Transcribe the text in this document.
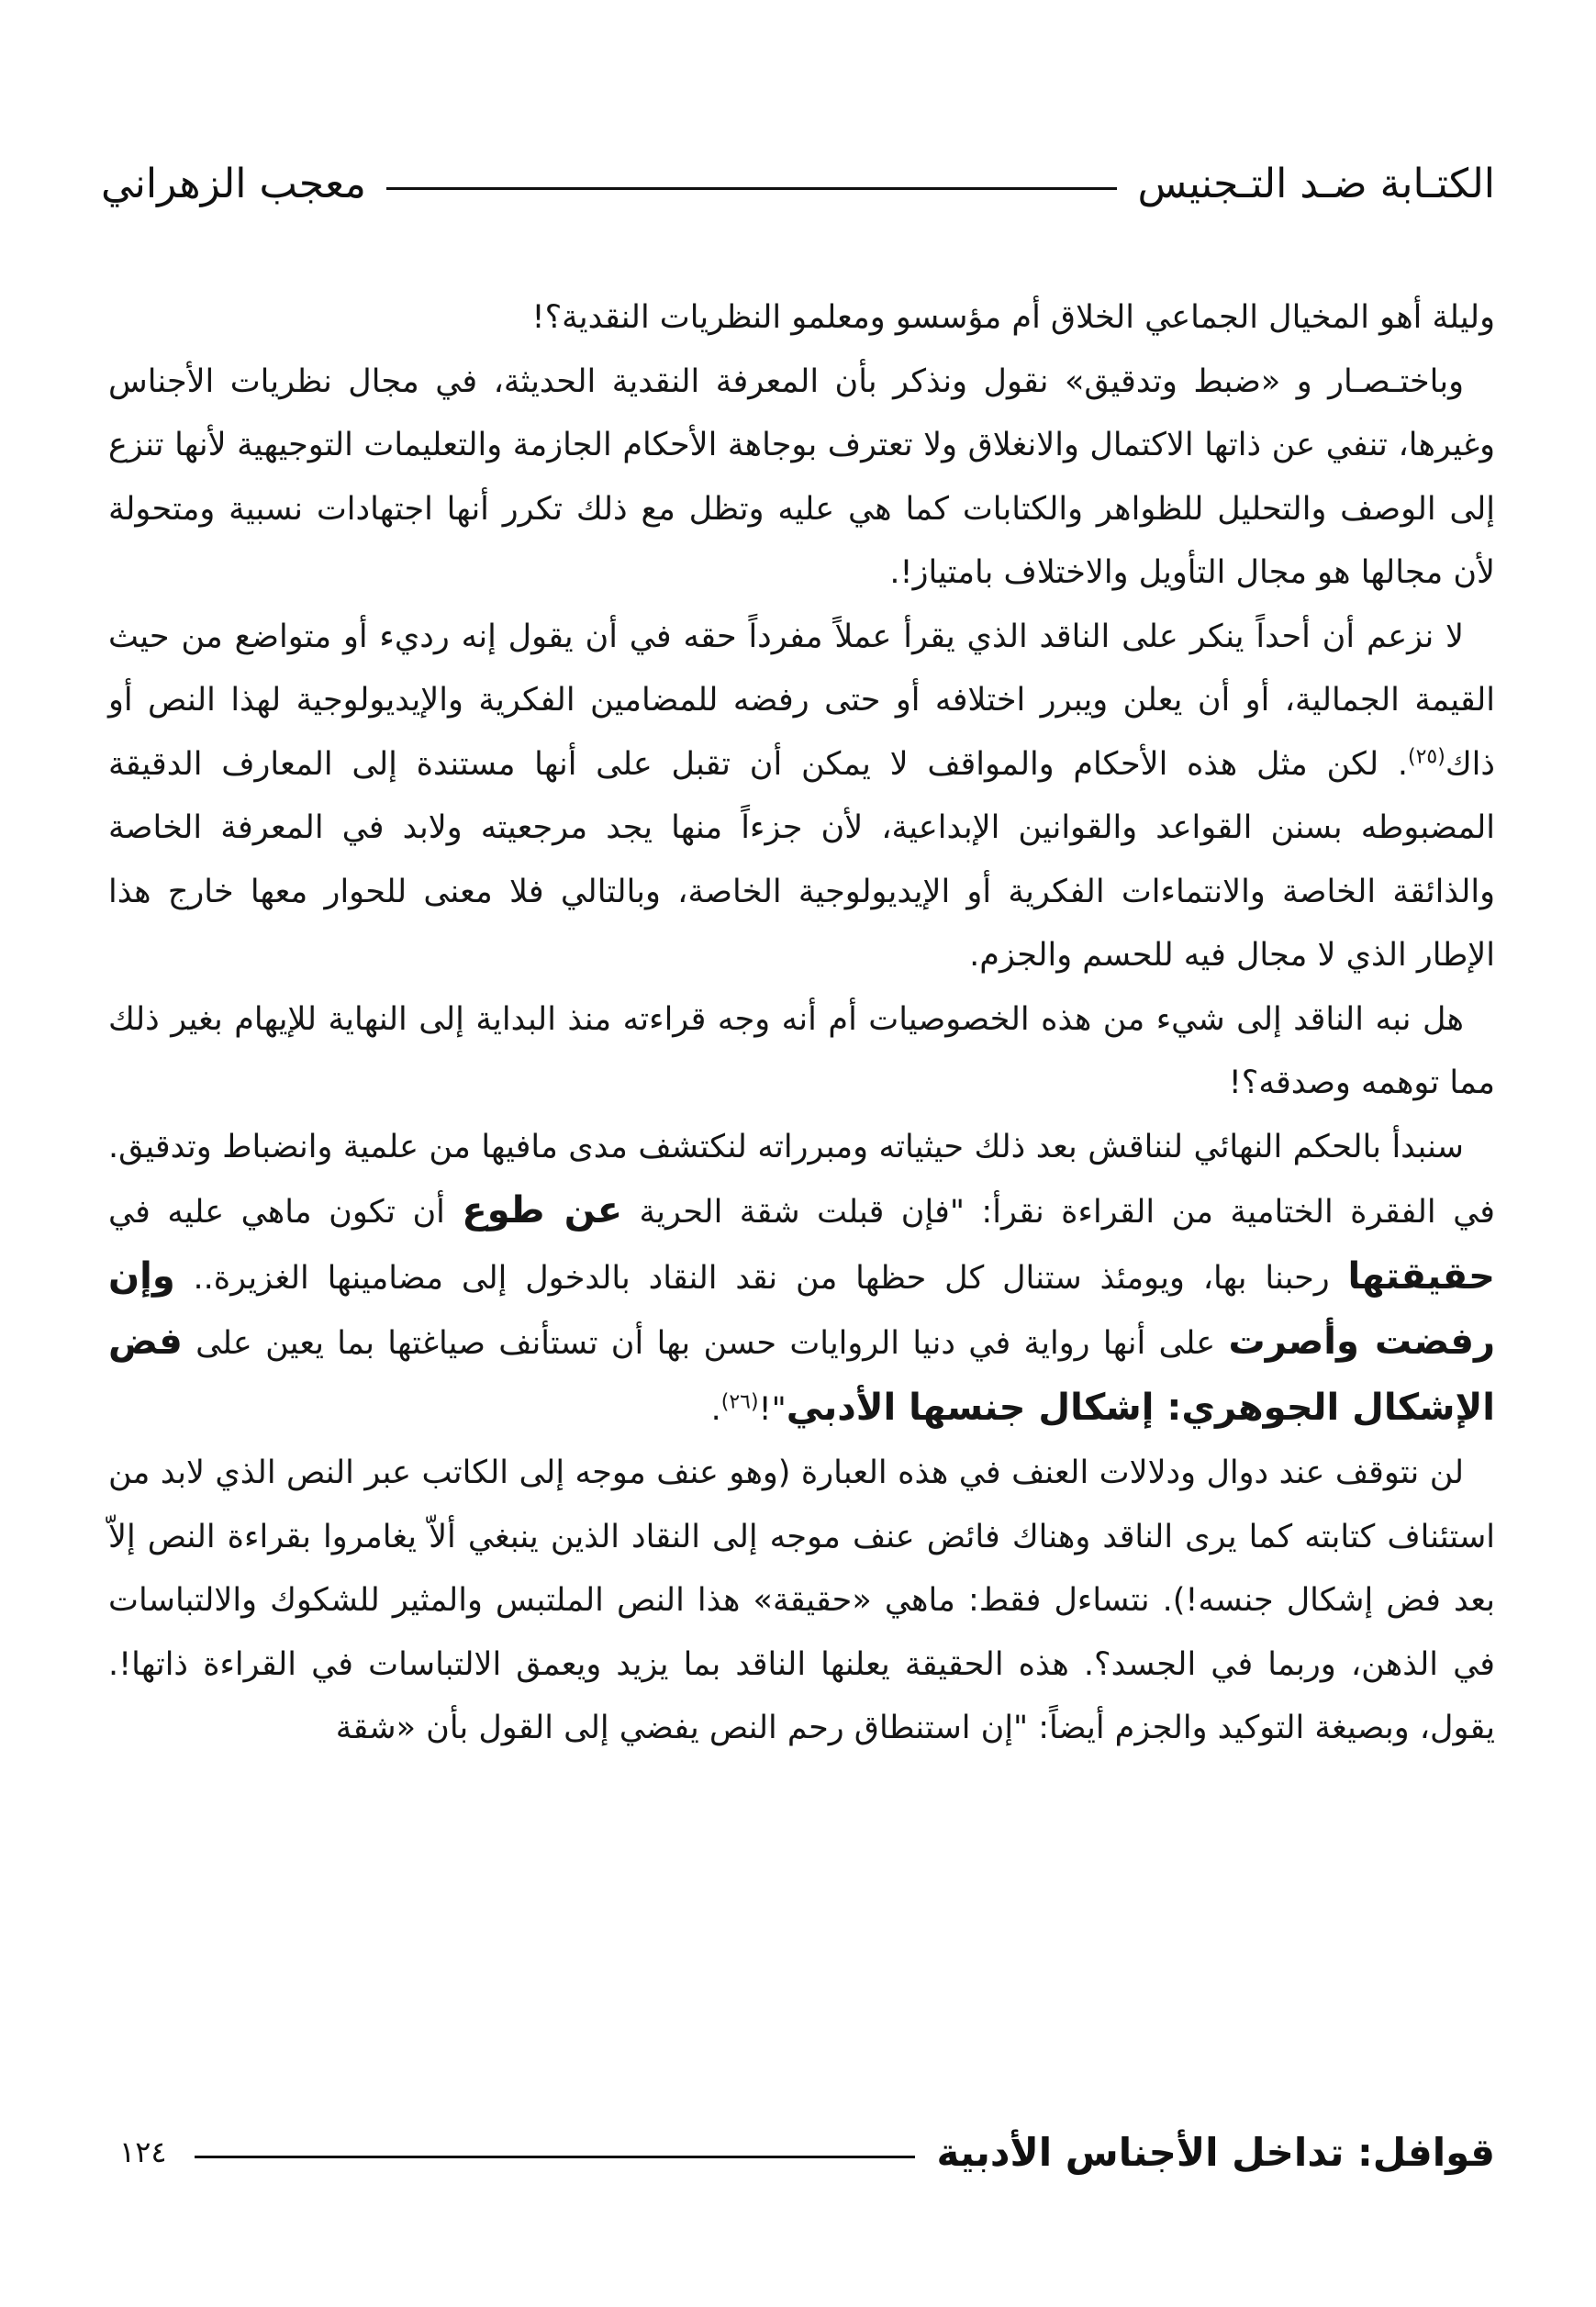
الكتـابة ضـد التـجنيس
معجب الزهراني

وليلة أهو المخيال الجماعي الخلاق أم مؤسسو ومعلمو النظريات النقدية؟!

وباختـصـار و «ضبط وتدقيق» نقول ونذكر بأن المعرفة النقدية الحديثة، في مجال نظريات الأجناس وغيرها، تنفي عن ذاتها الاكتمال والانغلاق ولا تعترف بوجاهة الأحكام الجازمة والتعليمات التوجيهية لأنها تنزع إلى الوصف والتحليل للظواهر والكتابات كما هي عليه وتظل مع ذلك تكرر أنها اجتهادات نسبية ومتحولة لأن مجالها هو مجال التأويل والاختلاف بامتياز!.

لا نزعم أن أحداً ينكر على الناقد الذي يقرأ عملاً مفرداً حقه في أن يقول إنه رديء أو متواضع من حيث القيمة الجمالية، أو أن يعلن ويبرر اختلافه أو حتى رفضه للمضامين الفكرية والإيديولوجية لهذا النص أو ذاك$^{(٢٥)}$. لكن مثل هذه الأحكام والمواقف لا يمكن أن تقبل على أنها مستندة إلى المعارف الدقيقة المضبوطه بسنن القواعد والقوانين الإبداعية، لأن جزءاً منها يجد مرجعيته ولابد في المعرفة الخاصة والذائقة الخاصة والانتماءات الفكرية أو الإيديولوجية الخاصة، وبالتالي فلا معنى للحوار معها خارج هذا الإطار الذي لا مجال فيه للحسم والجزم.

هل نبه الناقد إلى شيء من هذه الخصوصيات أم أنه وجه قراءته منذ البداية إلى النهاية للإيهام بغير ذلك مما توهمه وصدقه؟!

سنبدأ بالحكم النهائي لنناقش بعد ذلك حيثياته ومبرراته لنكتشف مدى مافيها من علمية وانضباط وتدقيق. في الفقرة الختامية من القراءة نقرأ: "فإن قبلت شقة الحرية عن طوع أن تكون ماهي عليه في حقيقتها رحبنا بها، ويومئذ ستنال كل حظها من نقد النقاد بالدخول إلى مضامينها الغزيرة.. وإن رفضت وأصرت على أنها رواية في دنيا الروايات حسن بها أن تستأنف صياغتها بما يعين على فض الإشكال الجوهري: إشكال جنسها الأدبي"!$^{(٢٦)}$.

لن نتوقف عند دوال ودلالات العنف في هذه العبارة (وهو عنف موجه إلى الكاتب عبر النص الذي لابد من استئناف كتابته كما يرى الناقد وهناك فائض عنف موجه إلى النقاد الذين ينبغي ألاّ يغامروا بقراءة النص إلاّ بعد فض إشكال جنسه!). نتساءل فقط: ماهي «حقيقة» هذا النص الملتبس والمثير للشكوك والالتباسات في الذهن، وربما في الجسد؟. هذه الحقيقة يعلنها الناقد بما يزيد ويعمق الالتباسات في القراءة ذاتها!. يقول، وبصيغة التوكيد والجزم أيضاً: "إن استنطاق رحم النص يفضي إلى القول بأن «شقة

قوافل: تداخل الأجناس الأدبية
١٢٤
